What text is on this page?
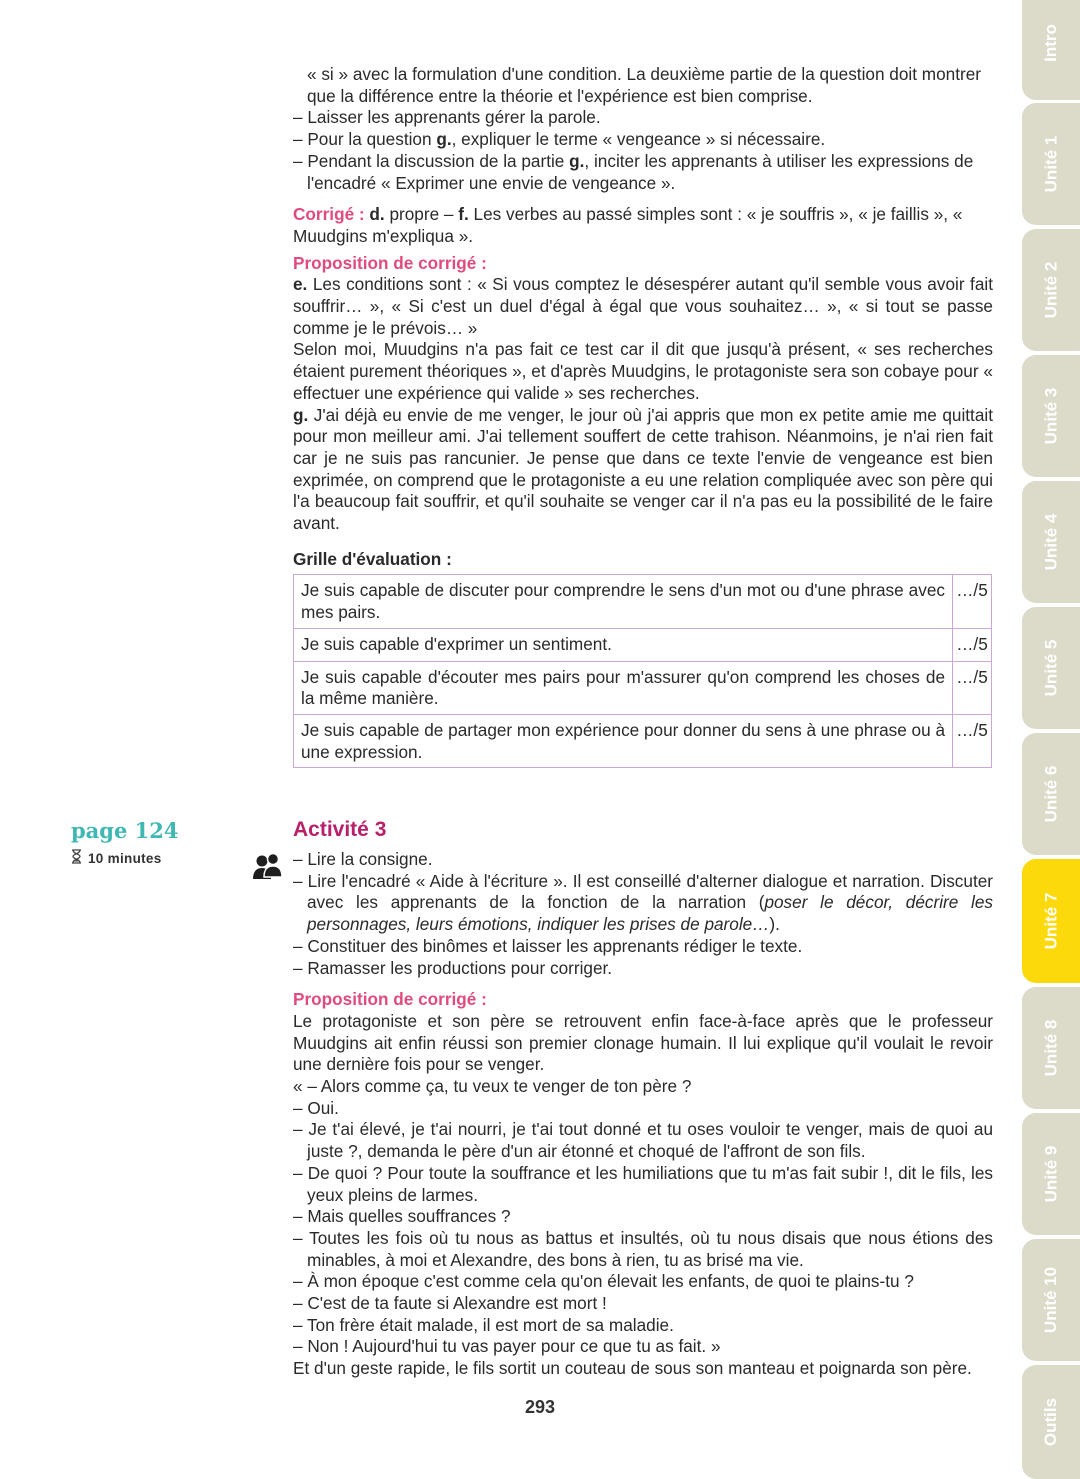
« si » avec la formulation d'une condition. La deuxième partie de la question doit montrer que la différence entre la théorie et l'expérience est bien comprise.

– Laisser les apprenants gérer la parole.

– Pour la question g., expliquer le terme « vengeance » si nécessaire.

– Pendant la discussion de la partie g., inciter les apprenants à utiliser les expressions de l'encadré « Exprimer une envie de vengeance ».

Corrigé : d. propre – f. Les verbes au passé simples sont : « je souffris », « je faillis », « Muudgins m'expliqua ».

Proposition de corrigé :

e. Les conditions sont : « Si vous comptez le désespérer autant qu'il semble vous avoir fait souffrir… », « Si c'est un duel d'égal à égal que vous souhaitez… », « si tout se passe comme je le prévois… »

Selon moi, Muudgins n'a pas fait ce test car il dit que jusqu'à présent, « ses recherches étaient purement théoriques », et d'après Muudgins, le protagoniste sera son cobaye pour « effectuer une expérience qui valide » ses recherches.

g. J'ai déjà eu envie de me venger, le jour où j'ai appris que mon ex petite amie me quittait pour mon meilleur ami. J'ai tellement souffert de cette trahison. Néanmoins, je n'ai rien fait car je ne suis pas rancunier. Je pense que dans ce texte l'envie de vengeance est bien exprimée, on comprend que le protagoniste a eu une relation compliquée avec son père qui l'a beaucoup fait souffrir, et qu'il souhaite se venger car il n'a pas eu la possibilité de le faire avant.

Grille d'évaluation :

Je suis capable de discuter pour comprendre le sens d'un mot ou d'une phrase avec mes pairs.	…/5
Je suis capable d'exprimer un sentiment.	…/5
Je suis capable d'écouter mes pairs pour m'assurer qu'on comprend les choses de la même manière.	…/5
Je suis capable de partager mon expérience pour donner du sens à une phrase ou à une expression.	…/5
page 124
10 minutes
Activité 3

– Lire la consigne.

– Lire l'encadré « Aide à l'écriture ». Il est conseillé d'alterner dialogue et narration. Discuter avec les apprenants de la fonction de la narration (poser le décor, décrire les personnages, leurs émotions, indiquer les prises de parole…).

– Constituer des binômes et laisser les apprenants rédiger le texte.

– Ramasser les productions pour corriger.

Proposition de corrigé :

Le protagoniste et son père se retrouvent enfin face-à-face après que le professeur Muudgins ait enfin réussi son premier clonage humain. Il lui explique qu'il voulait le revoir une dernière fois pour se venger.

« – Alors comme ça, tu veux te venger de ton père ?

– Oui.

– Je t'ai élevé, je t'ai nourri, je t'ai tout donné et tu oses vouloir te venger, mais de quoi au juste ?, demanda le père d'un air étonné et choqué de l'affront de son fils.

– De quoi ? Pour toute la souffrance et les humiliations que tu m'as fait subir !, dit le fils, les yeux pleins de larmes.

– Mais quelles souffrances ?

– Toutes les fois où tu nous as battus et insultés, où tu nous disais que nous étions des minables, à moi et Alexandre, des bons à rien, tu as brisé ma vie.

– À mon époque c'est comme cela qu'on élevait les enfants, de quoi te plains-tu ?

– C'est de ta faute si Alexandre est mort !

– Ton frère était malade, il est mort de sa maladie.

– Non ! Aujourd'hui tu vas payer pour ce que tu as fait. »

Et d'un geste rapide, le fils sortit un couteau de sous son manteau et poignarda son père.

293
Intro
Unité 1
Unité 2
Unité 3
Unité 4
Unité 5
Unité 6
Unité 7
Unité 8
Unité 9
Unité 10
Outils
